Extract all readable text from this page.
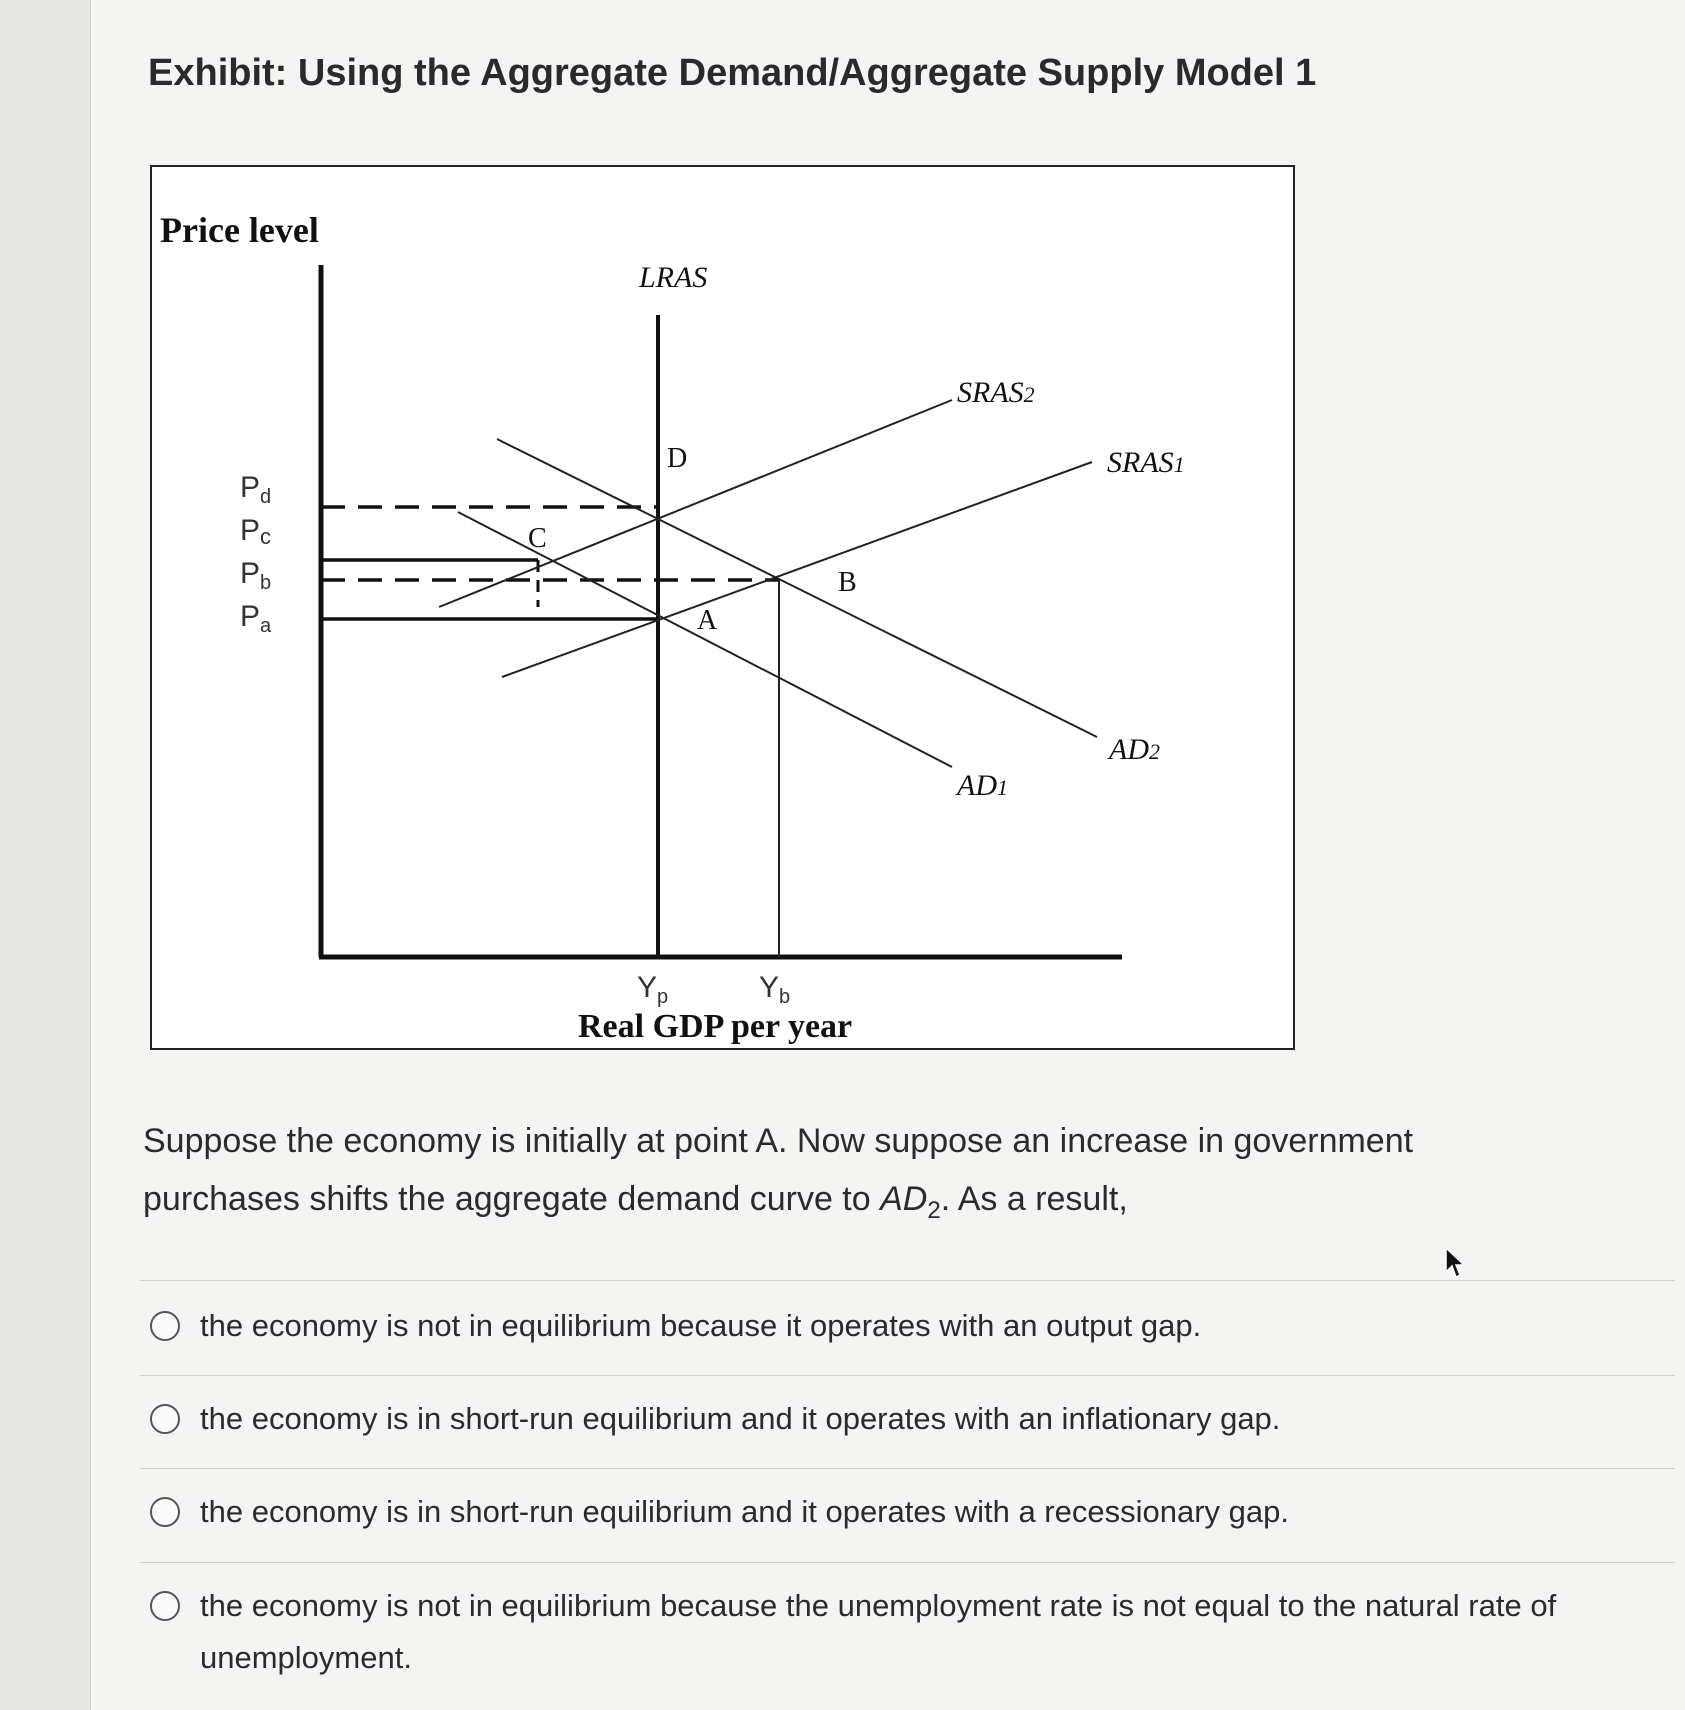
Exhibit: Using the Aggregate Demand/Aggregate Supply Model 1
Price level
Real GDP per year
LRAS
SRAS2
SRAS1
AD1
AD2
A
B
C
D
$P_d$
Pc
$P_b$
$P_a$
$Y_p$	$Y_b$
Suppose the economy is initially at point A. Now suppose an increase in government purchases shifts the aggregate demand curve to $AD_2$. As a result,
the economy is not in equilibrium because it operates with an output gap.
the economy is in short-run equilibrium and it operates with an inflationary gap.
the economy is in short-run equilibrium and it operates with a recessionary gap.
the economy is not in equilibrium because the unemployment rate is not equal to the natural rate of unemployment.
